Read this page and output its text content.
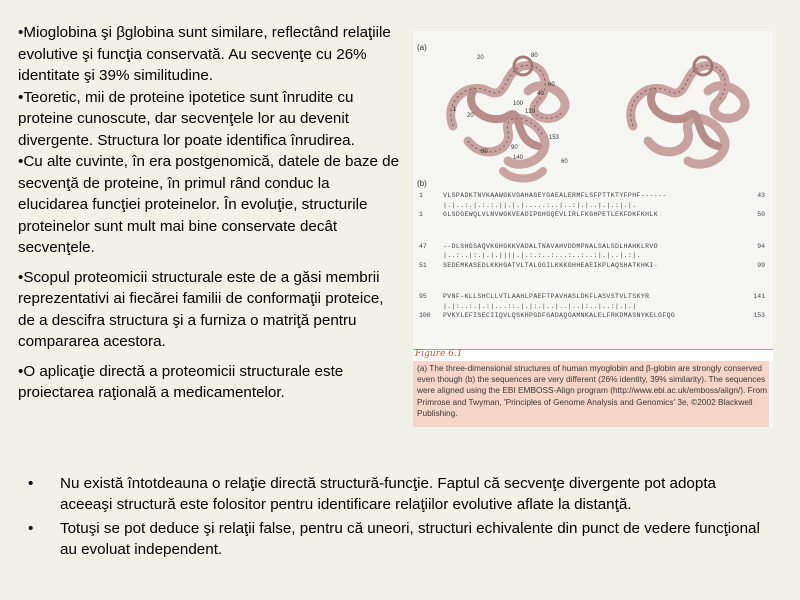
•Mioglobina şi βglobina sunt similare, reflectând relaţiile evolutive şi funcţia conservată. Au secvenţe cu 26% identitate şi 39% similitudine.

•Teoretic, mii de proteine ipotetice sunt înrudite cu proteine cunoscute, dar secvenţele lor au devenit divergente. Structura lor poate identifica înrudirea.

•Cu alte cuvinte, în era postgenomică, datele de baze de secvenţă de proteine, în primul rând conduc la elucidarea funcţiei proteinelor. În evoluţie, structurile proteinelor sunt mult mai bine conservate decât secvenţele.

•Scopul proteomicii structurale este de a găsi membrii reprezentativi ai fiecărei familii de conformaţii proteice, de a descifra structura şi a furniza o matriţă pentru compararea acestora.

•O aplicaţie directă a proteomicii structurale este proiectarea raţională a medicamentelor.

20	80
60
40
100
120
1
20
80
90
153
140
60
(a)
(b)
1	VLSPADKTNVKAAWGKVGAHAGEYGAEALERMFLSFPTTKTYFPHF------	43
|.|..:.|.:.:.||.|.|.....:..|..:|.|..|.|.:|.|.
1	GLSDGEWQLVLNVWGKVEADIPGHGQEVLIRLFKGHPETLEKFDKFKHLK	50
47 --DLSHGSAQVKGHGKKVADALTNAVAHVDDMPNALSALSDLHAHKLRVD	94
|..:..|:.|.|.||||.|.:.:..:...:..:..:|.|..|.:|.
51 SEDEMKASEDLKKHGATVLTALGGILKKKGHHEAEIKPLAQSHATKHKI-	99
95 PVNF-KLLSHCLLVTLAAHLPAEFTPAVHASLDKFLASVSTVLTSKYR	141
|.|:..:.|.:|...::.|.|:.|..|..|..|:..|..:|.|.|
100 PVKYLEFISECIIQVLQSKHPGDFGADAQGAMNKALELFRKDMASNYKELGFQG	153
Figure 6.1
(a) The three-dimensional structures of human myoglobin and β-globin are strongly conserved even though (b) the sequences are very different (26% identity, 39% similarity). The sequences were aligned using the EBI EMBOSS-Align program (http://www.ebi.ac.uk/emboss/align/). From Primrose and Twyman, 'Principles of Genome Analysis and Genomics' 3e, ©2002 Blackwell Publishing.
• Nu există întotdeauna o relaţie directă structură-funcţie. Faptul că secvenţe divergente pot adopta aceeaşi structură este folositor pentru identificare relaţiilor evolutive aflate la distanţă.
• Totuşi se pot deduce şi relaţii false, pentru că uneori, structuri echivalente din punct de vedere funcţional au evoluat independent.
